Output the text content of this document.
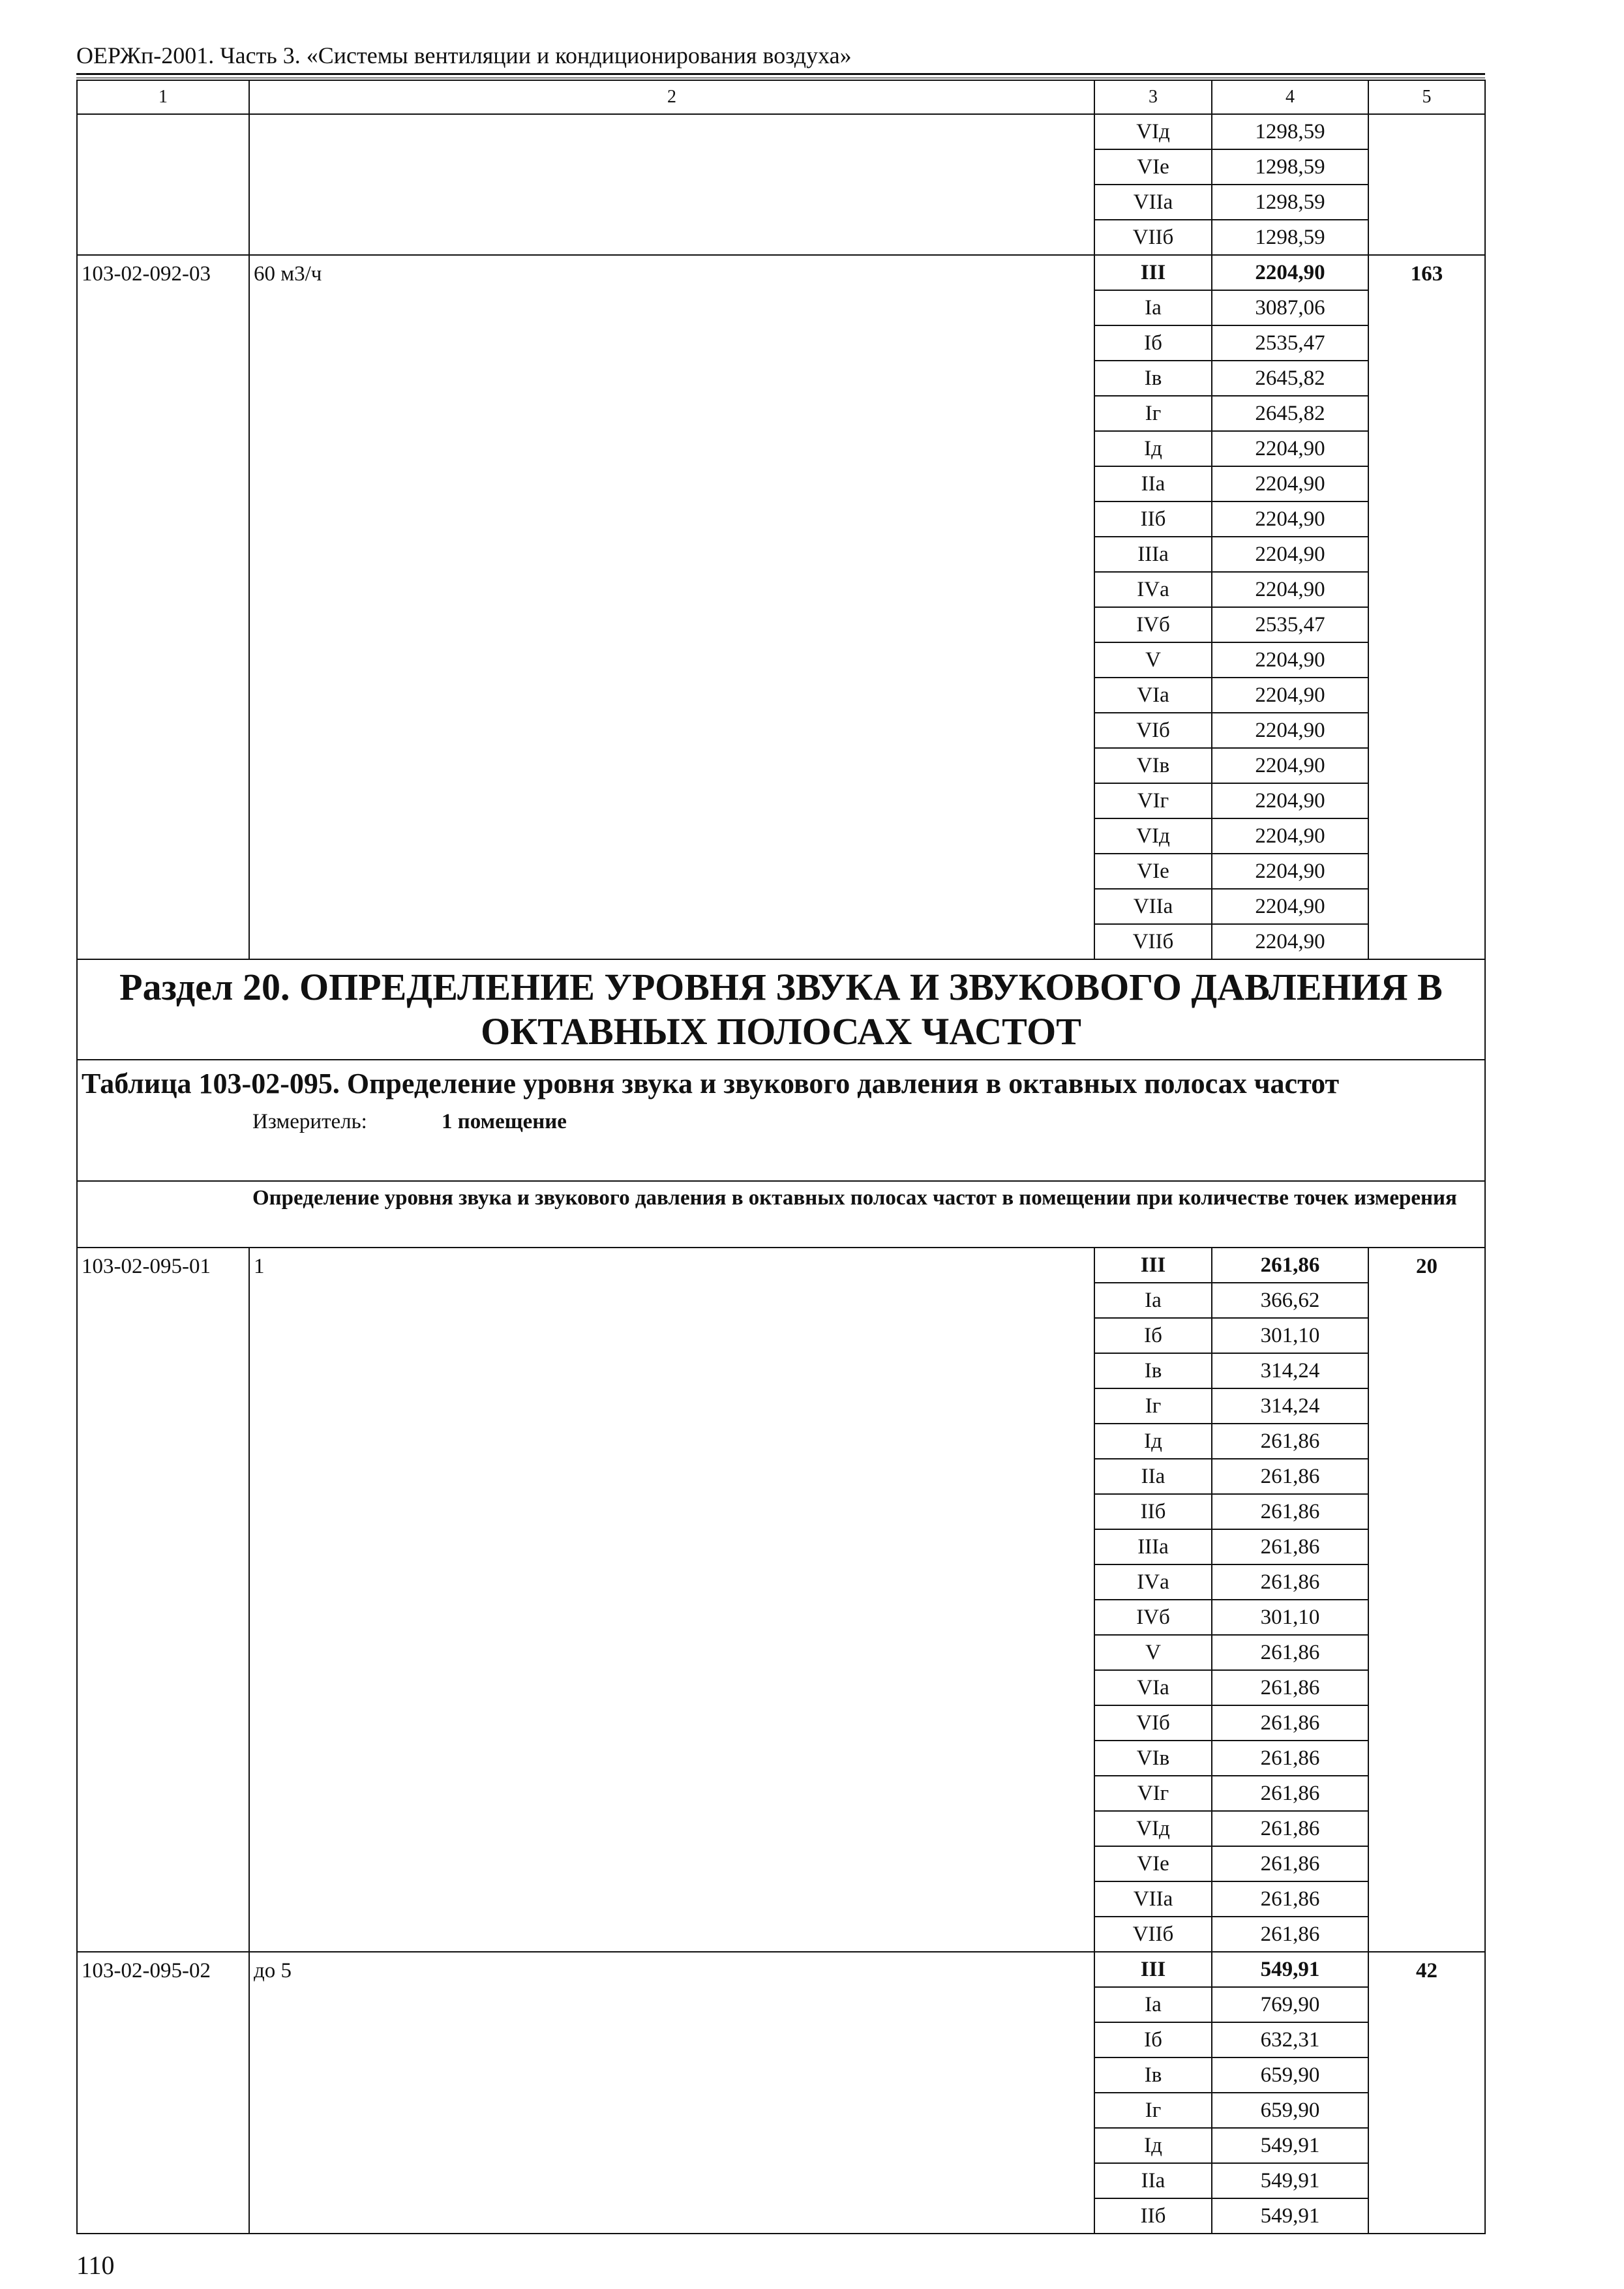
ОЕРЖп-2001. Часть 3. «Системы вентиляции и кондиционирования воздуха»
1	2	3	4	5
		VIд	1298,59	
		VIе	1298,59	
		VIIа	1298,59	
		VIIб	1298,59	
103-02-092-03	60 м3/ч	III	2204,90	163
		Iа	3087,06	
		Iб	2535,47	
		Iв	2645,82	
		Iг	2645,82	
		Iд	2204,90	
		IIа	2204,90	
		IIб	2204,90	
		IIIа	2204,90	
		IVа	2204,90	
		IVб	2535,47	
		V	2204,90	
		VIа	2204,90	
		VIб	2204,90	
		VIв	2204,90	
		VIг	2204,90	
		VIд	2204,90	
		VIе	2204,90	
		VIIа	2204,90	
		VIIб	2204,90	
Раздел 20. ОПРЕДЕЛЕНИЕ УРОВНЯ ЗВУКА И ЗВУКОВОГО ДАВЛЕНИЯ В ОКТАВНЫХ ПОЛОСАХ ЧАСТОТ				

Таблица 103-02-095. Определение уровня звука и звукового давления в октавных полосах частот
Измеритель: 1 помещение				

Определение уровня звука и звукового давления в октавных полосах частот в помещении при количестве точек измерения				

103-02-095-01	1	III	261,86	20
		Iа	366,62	
		Iб	301,10	
		Iв	314,24	
		Iг	314,24	
		Iд	261,86	
		IIа	261,86	
		IIб	261,86	
		IIIа	261,86	
		IVа	261,86	
		IVб	301,10	
		V	261,86	
		VIа	261,86	
		VIб	261,86	
		VIв	261,86	
		VIг	261,86	
		VIд	261,86	
		VIе	261,86	
		VIIа	261,86	
		VIIб	261,86	
103-02-095-02	до 5	III	549,91	42
		Iа	769,90	
		Iб	632,31	
		Iв	659,90	
		Iг	659,90	
		Iд	549,91	
		IIа	549,91	
		IIб	549,91	
110
